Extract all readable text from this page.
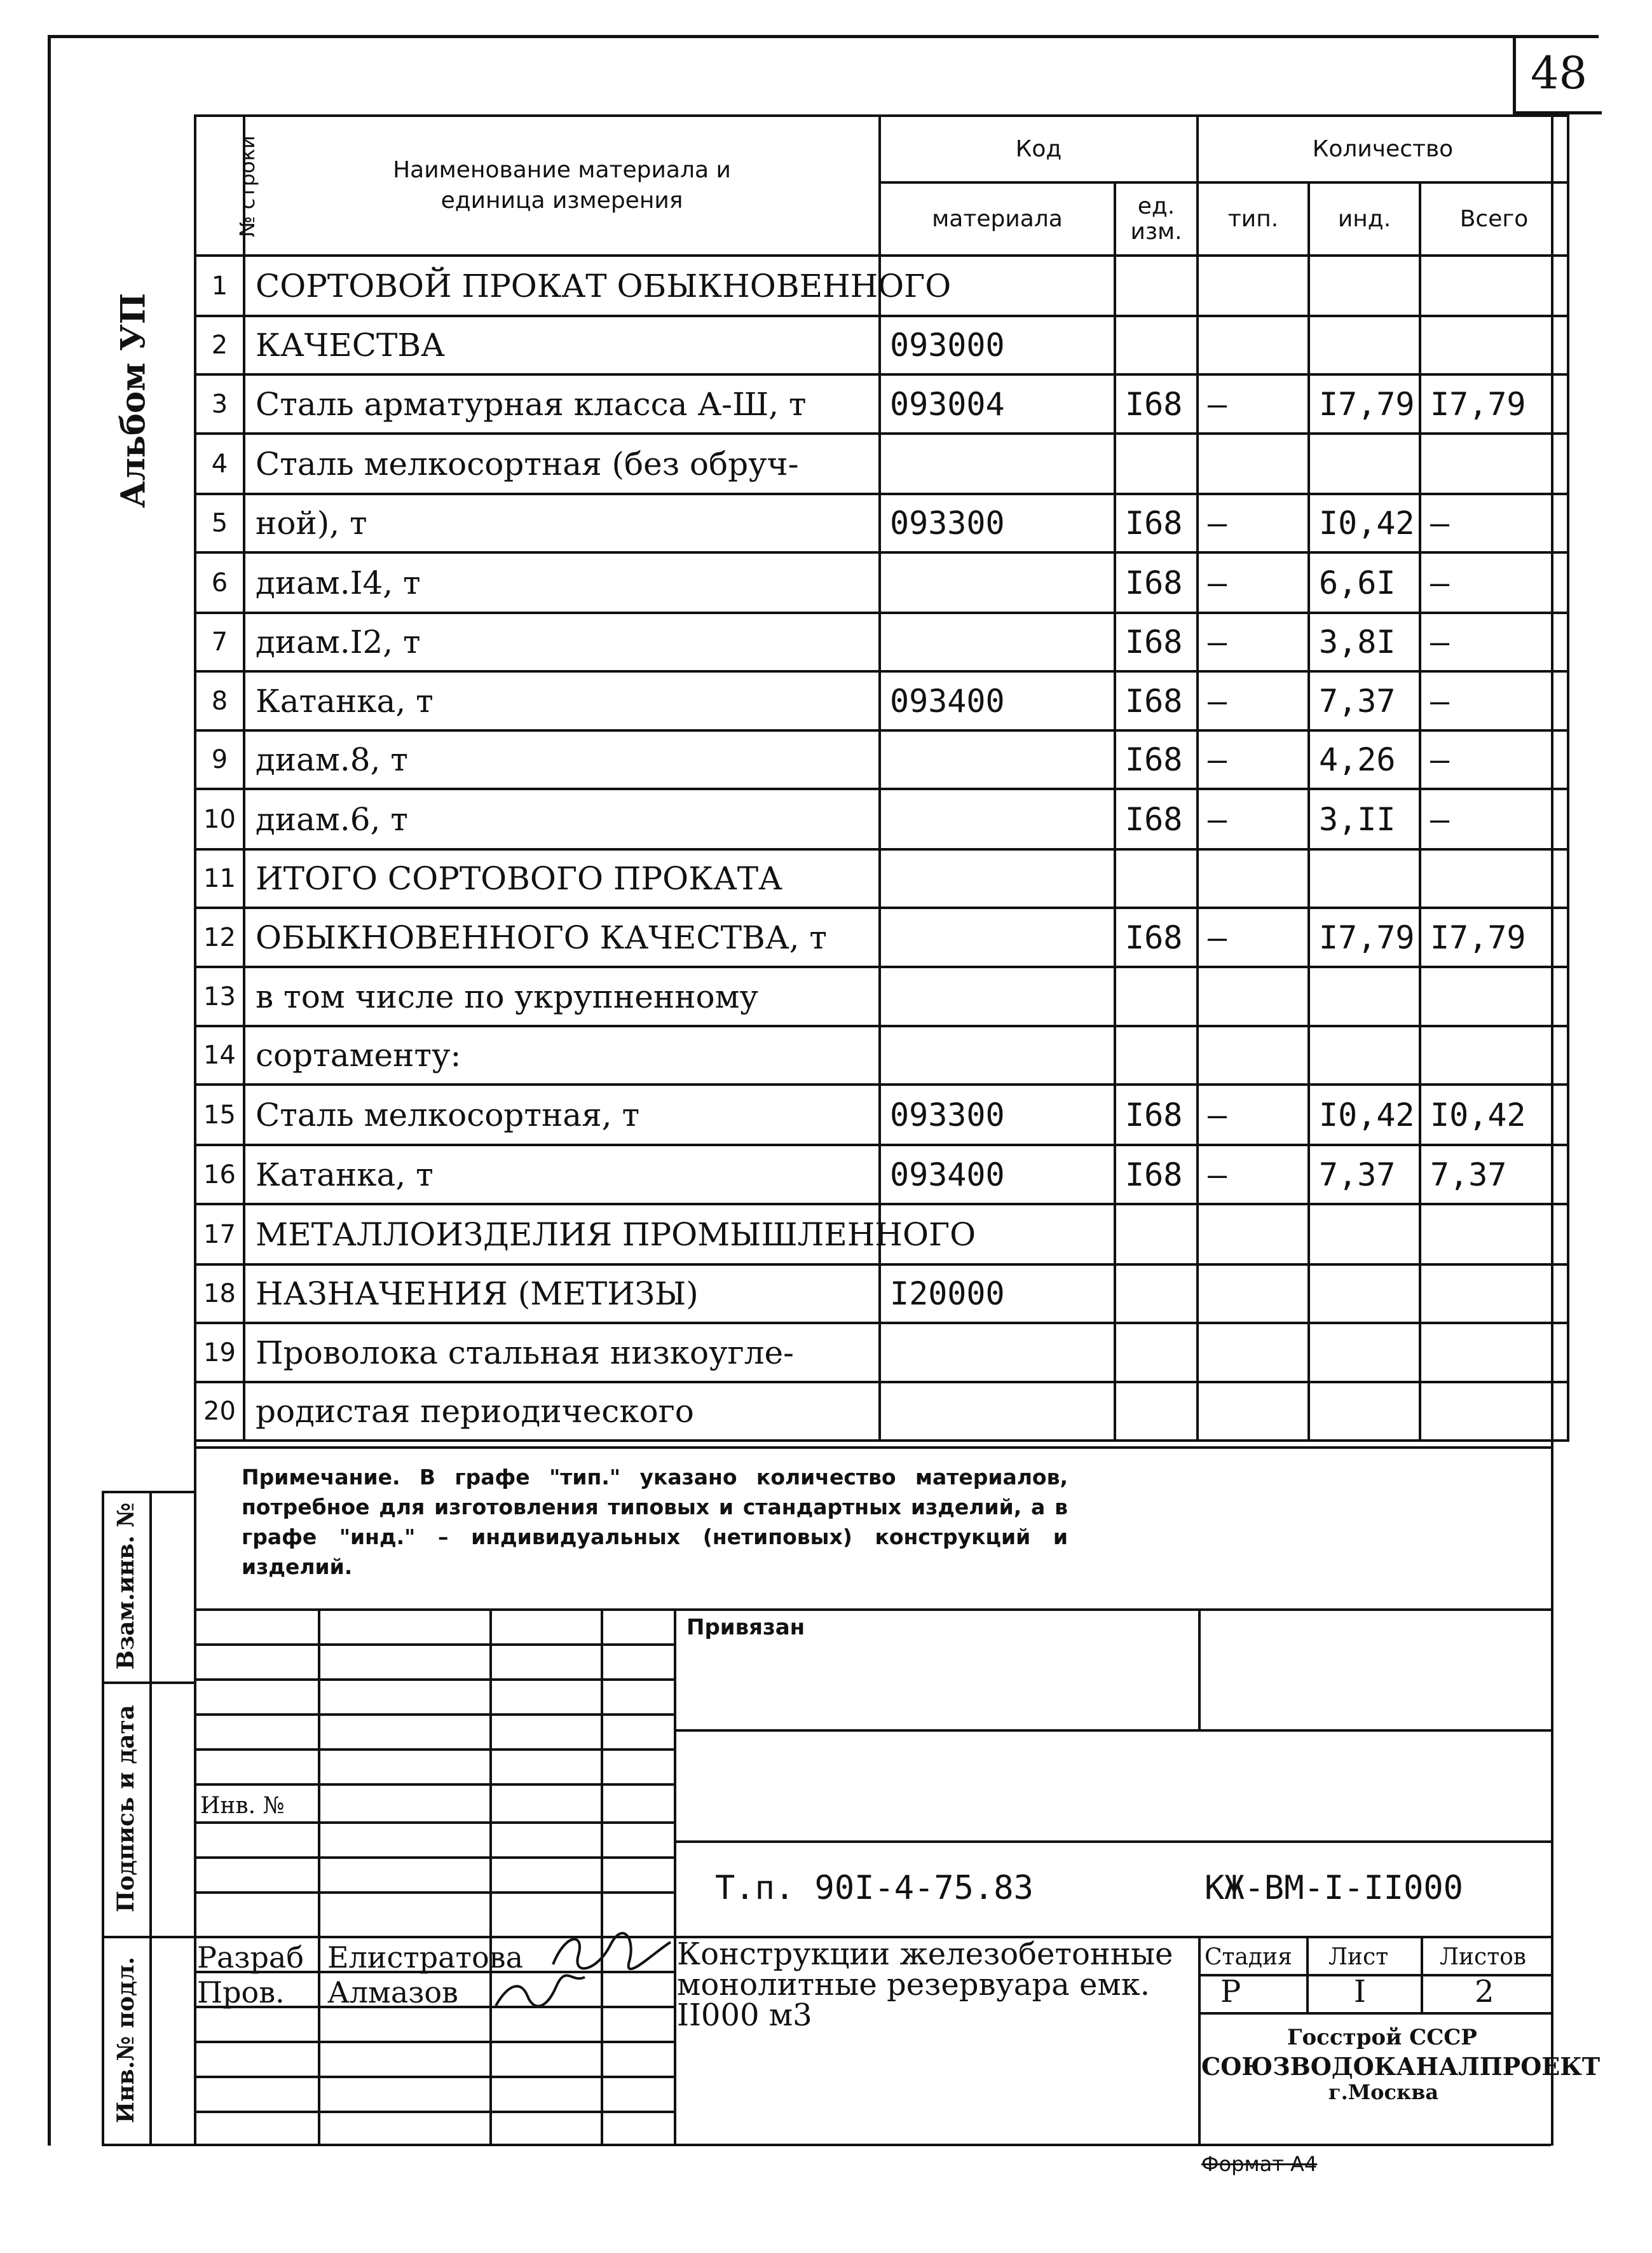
48
Альбом УП
№ строки	Наименование материала и единица измерения	Код		Количество		
		материала	ед. изм.	тип.	инд.	Всего
1	СОРТОВОЙ ПРОКАТ ОБЫКНОВЕННОГО					
2	КАЧЕСТВА	093000				
3	Сталь арматурная класса А-Ш, т	093004	I68	–	I7,79	I7,79
4	Сталь мелкосортная (без обруч-					
5	ной), т	093300	I68	–	I0,42	–
6	диам.I4, т		I68	–	6,6I	–
7	диам.I2, т		I68	–	3,8I	–
8	Катанка, т	093400	I68	–	7,37	–
9	диам.8, т		I68	–	4,26	–
10	диам.6, т		I68	–	3,II	–
11	ИТОГО СОРТОВОГО ПРОКАТА					
12	ОБЫКНОВЕННОГО КАЧЕСТВА, т		I68	–	I7,79	I7,79
13	в том числе по укрупненному					
14	сортаменту:					
15	Сталь мелкосортная, т	093300	I68	–	I0,42	I0,42
16	Катанка, т	093400	I68	–	7,37	7,37
17	МЕТАЛЛОИЗДЕЛИЯ ПРОМЫШЛЕННОГО					
18	НАЗНАЧЕНИЯ (МЕТИЗЫ)	I20000				
19	Проволока стальная низкоугле-					
20	родистая периодического					

Примечание. В графе "тип." указано количество материалов, потребное для изготовления типовых и стандартных изделий, а в графе "инд." – индивидуальных (нетиповых) конструкций и изделий.

Взам.инв. №
Подпись и дата
Инв.№ подл.
Привязан
Инв. №
Т.п. 90I-4-75.83	КЖ-ВМ-I-II000
Разраб Елистратова
Пров. Алмазов
Конструкции железобетонные монолитные резервуара емк. II000 м3
Стадия Лист Листов
Р	I	2
Госстрой СССР
СОЮЗВОДОКАНАЛПРОЕКТ
г.Москва
Формат А4
